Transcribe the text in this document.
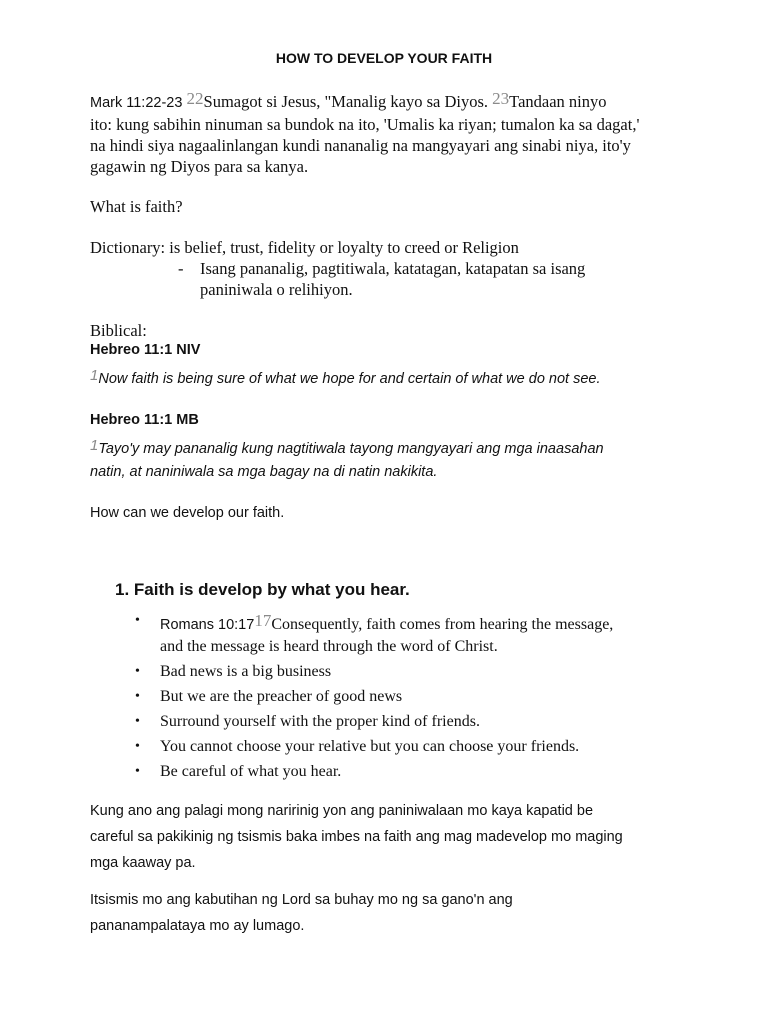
HOW TO DEVELOP YOUR FAITH
Mark 11:22-23 22Sumagot si Jesus, "Manalig kayo sa Diyos. 23Tandaan ninyo
ito: kung sabihin ninuman sa bundok na ito, 'Umalis ka riyan; tumalon ka sa dagat,'
na hindi siya nagaalinlangan kundi nananalig na mangyayari ang sinabi niya, ito'y
gagawin ng Diyos para sa kanya.
What is faith?
Dictionary: is belief, trust, fidelity or loyalty to creed or Religion
- Isang pananalig, pagtitiwala, katatagan, katapatan sa isang
paniniwala o relihiyon.
Biblical:
Hebreo 11:1 NIV
1Now faith is being sure of what we hope for and certain of what we do not see.
Hebreo 11:1 MB
1Tayo'y may pananalig kung nagtitiwala tayong mangyayari ang mga inaasahan
natin, at naniniwala sa mga bagay na di natin nakikita.
How can we develop our faith.
1. Faith is develop by what you hear.
• Romans 10:1717Consequently, faith comes from hearing the message,
and the message is heard through the word of Christ.
• Bad news is a big business
• But we are the preacher of good news
• Surround yourself with the proper kind of friends.
• You cannot choose your relative but you can choose your friends.
• Be careful of what you hear.
Kung ano ang palagi mong naririnig yon ang paniniwalaan mo kaya kapatid be
careful sa pakikinig ng tsismis baka imbes na faith ang mag madevelop mo maging
mga kaaway pa.
Itsismis mo ang kabutihan ng Lord sa buhay mo ng sa gano'n ang
pananampalataya mo ay lumago.
